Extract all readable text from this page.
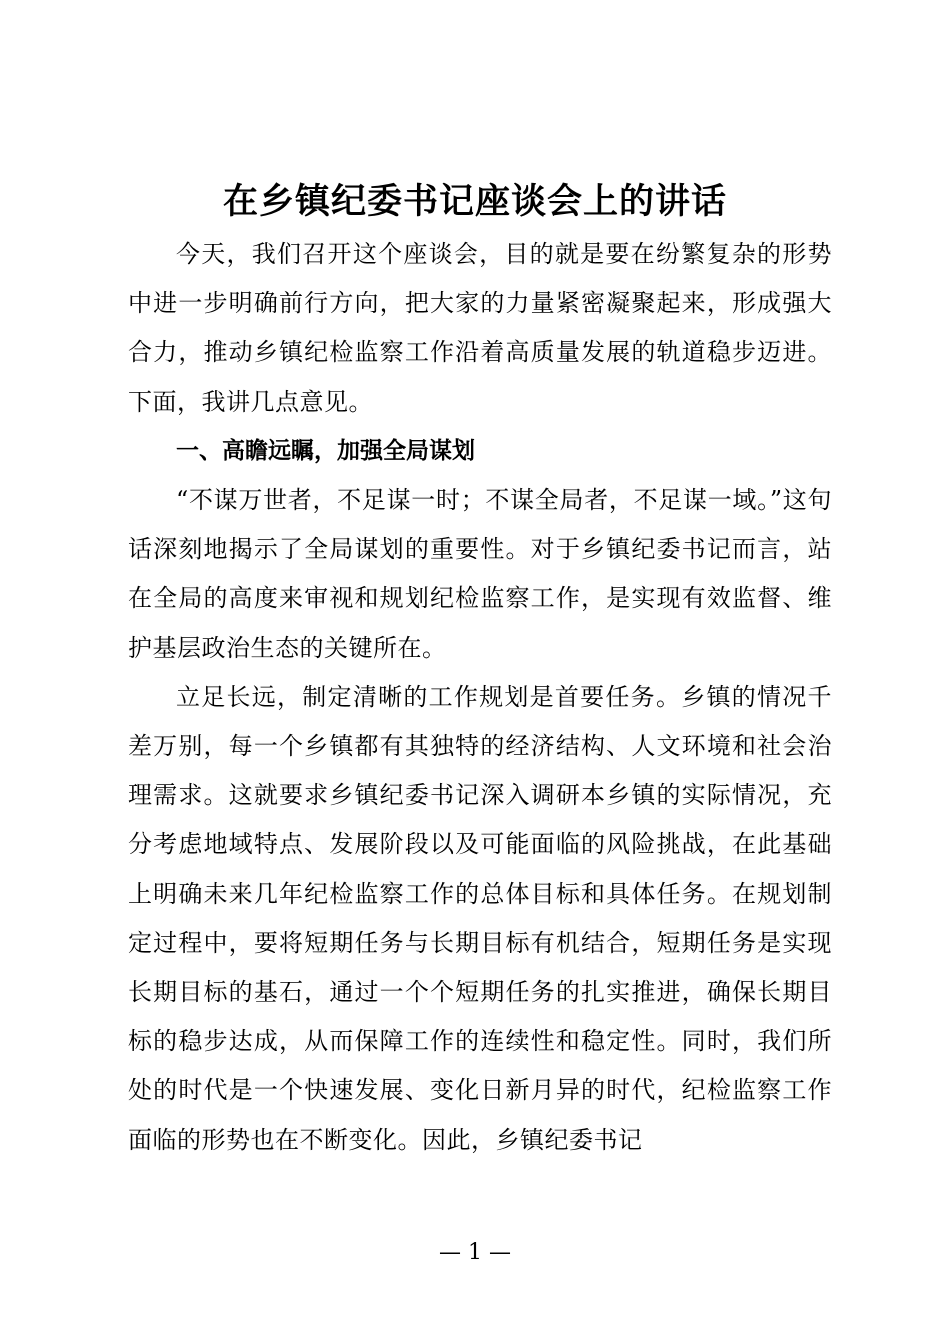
在乡镇纪委书记座谈会上的讲话

今天，我们召开这个座谈会，目的就是要在纷繁复杂的形势中进一步明确前行方向，把大家的力量紧密凝聚起来，形成强大合力，推动乡镇纪检监察工作沿着高质量发展的轨道稳步迈进。下面，我讲几点意见。

一、高瞻远瞩，加强全局谋划

“不谋万世者，不足谋一时；不谋全局者，不足谋一域。”这句话深刻地揭示了全局谋划的重要性。对于乡镇纪委书记而言，站在全局的高度来审视和规划纪检监察工作，是实现有效监督、维护基层政治生态的关键所在。

立足长远，制定清晰的工作规划是首要任务。乡镇的情况千差万别，每一个乡镇都有其独特的经济结构、人文环境和社会治理需求。这就要求乡镇纪委书记深入调研本乡镇的实际情况，充分考虑地域特点、发展阶段以及可能面临的风险挑战，在此基础上明确未来几年纪检监察工作的总体目标和具体任务。在规划制定过程中，要将短期任务与长期目标有机结合，短期任务是实现长期目标的基石，通过一个个短期任务的扎实推进，确保长期目标的稳步达成，从而保障工作的连续性和稳定性。同时，我们所处的时代是一个快速发展、变化日新月异的时代，纪检监察工作面临的形势也在不断变化。因此，乡镇纪委书记

— 1 —
